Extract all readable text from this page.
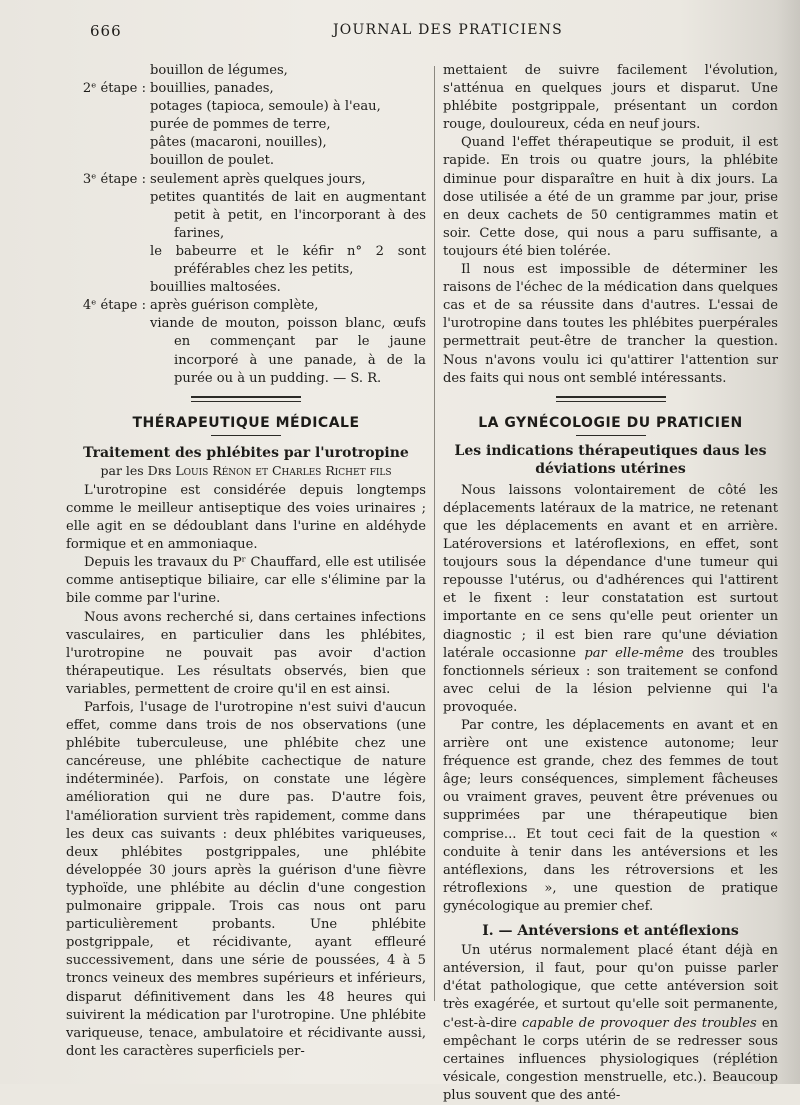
666	JOURNAL DES PRATICIENS
bouillon de légumes,
2ᵉ étape : bouillies, panades,
potages (tapioca, semoule) à l'eau,
purée de pommes de terre,
pâtes (macaroni, nouilles),
bouillon de poulet.
3ᵉ étape : seulement après quelques jours,
petites quantités de lait en augmentant petit à petit, en l'incorporant à des farines,
le babeurre et le kéfir n° 2 sont préférables chez les petits,
bouillies maltosées.
4ᵉ étape : après guérison complète,
viande de mouton, poisson blanc, œufs en commençant par le jaune incorporé à une panade, à de la purée ou à un pudding. — S. R.
THÉRAPEUTIQUE MÉDICALE

Traitement des phlébites par l'urotropine

par les Dʀs Louis Rénon et Charles Richet fils

L'urotropine est considérée depuis longtemps comme le meilleur antiseptique des voies urinaires ; elle agit en se dédoublant dans l'urine en aldéhyde formique et en ammoniaque.

Depuis les travaux du Pʳ Chauffard, elle est utilisée comme antiseptique biliaire, car elle s'élimine par la bile comme par l'urine.

Nous avons recherché si, dans certaines infections vasculaires, en particulier dans les phlébites, l'urotropine ne pouvait pas avoir d'action thérapeutique. Les résultats observés, bien que variables, permettent de croire qu'il en est ainsi.

Parfois, l'usage de l'urotropine n'est suivi d'aucun effet, comme dans trois de nos observations (une phlébite tuberculeuse, une phlébite chez une cancéreuse, une phlébite cachectique de nature indéterminée). Parfois, on constate une légère amélioration qui ne dure pas. D'autre fois, l'amélioration survient très rapidement, comme dans les deux cas suivants : deux phlébites variqueuses, deux phlébites postgrippales, une phlébite développée 30 jours après la guérison d'une fièvre typhoïde, une phlébite au déclin d'une congestion pulmonaire grippale. Trois cas nous ont paru particulièrement probants. Une phlébite postgrippale, et récidivante, ayant effleuré successivement, dans une série de poussées, 4 à 5 troncs veineux des membres supérieurs et inférieurs, disparut définitivement dans les 48 heures qui suivirent la médication par l'urotropine. Une phlébite variqueuse, tenace, ambulatoire et récidivante aussi, dont les caractères superficiels per-

mettaient de suivre facilement l'évolution, s'atténua en quelques jours et disparut. Une phlébite postgrippale, présentant un cordon rouge, douloureux, céda en neuf jours.

Quand l'effet thérapeutique se produit, il est rapide. En trois ou quatre jours, la phlébite diminue pour disparaître en huit à dix jours. La dose utilisée a été de un gramme par jour, prise en deux cachets de 50 centigrammes matin et soir. Cette dose, qui nous a paru suffisante, a toujours été bien tolérée.

Il nous est impossible de déterminer les raisons de l'échec de la médication dans quelques cas et de sa réussite dans d'autres. L'essai de l'urotropine dans toutes les phlébites puerpérales permettrait peut-être de trancher la question. Nous n'avons voulu ici qu'attirer l'attention sur des faits qui nous ont semblé intéressants.

LA GYNÉCOLOGIE DU PRATICIEN

Les indications thérapeutiques daus les déviations utérines

Nous laissons volontairement de côté les déplacements latéraux de la matrice, ne retenant que les déplacements en avant et en arrière. Latéroversions et latéroflexions, en effet, sont toujours sous la dépendance d'une tumeur qui repousse l'utérus, ou d'adhérences qui l'attirent et le fixent : leur constatation est surtout importante en ce sens qu'elle peut orienter un diagnostic ; il est bien rare qu'une déviation latérale occasionne par elle-même des troubles fonctionnels sérieux : son traitement se confond avec celui de la lésion pelvienne qui l'a provoquée.

Par contre, les déplacements en avant et en arrière ont une existence autonome; leur fréquence est grande, chez des femmes de tout âge; leurs conséquences, simplement fâcheuses ou vraiment graves, peuvent être prévenues ou supprimées par une thérapeutique bien comprise... Et tout ceci fait de la question « conduite à tenir dans les antéversions et les antéflexions, dans les rétroversions et les rétroflexions », une question de pratique gynécologique au premier chef.

I. — Antéversions et antéflexions

Un utérus normalement placé étant déjà en antéversion, il faut, pour qu'on puisse parler d'état pathologique, que cette antéversion soit très exagérée, et surtout qu'elle soit permanente, c'est-à-dire capable de provoquer des troubles en empêchant le corps utérin de se redresser sous certaines influences physiologiques (réplétion vésicale, congestion menstruelle, etc.). Beaucoup plus souvent que des anté-
